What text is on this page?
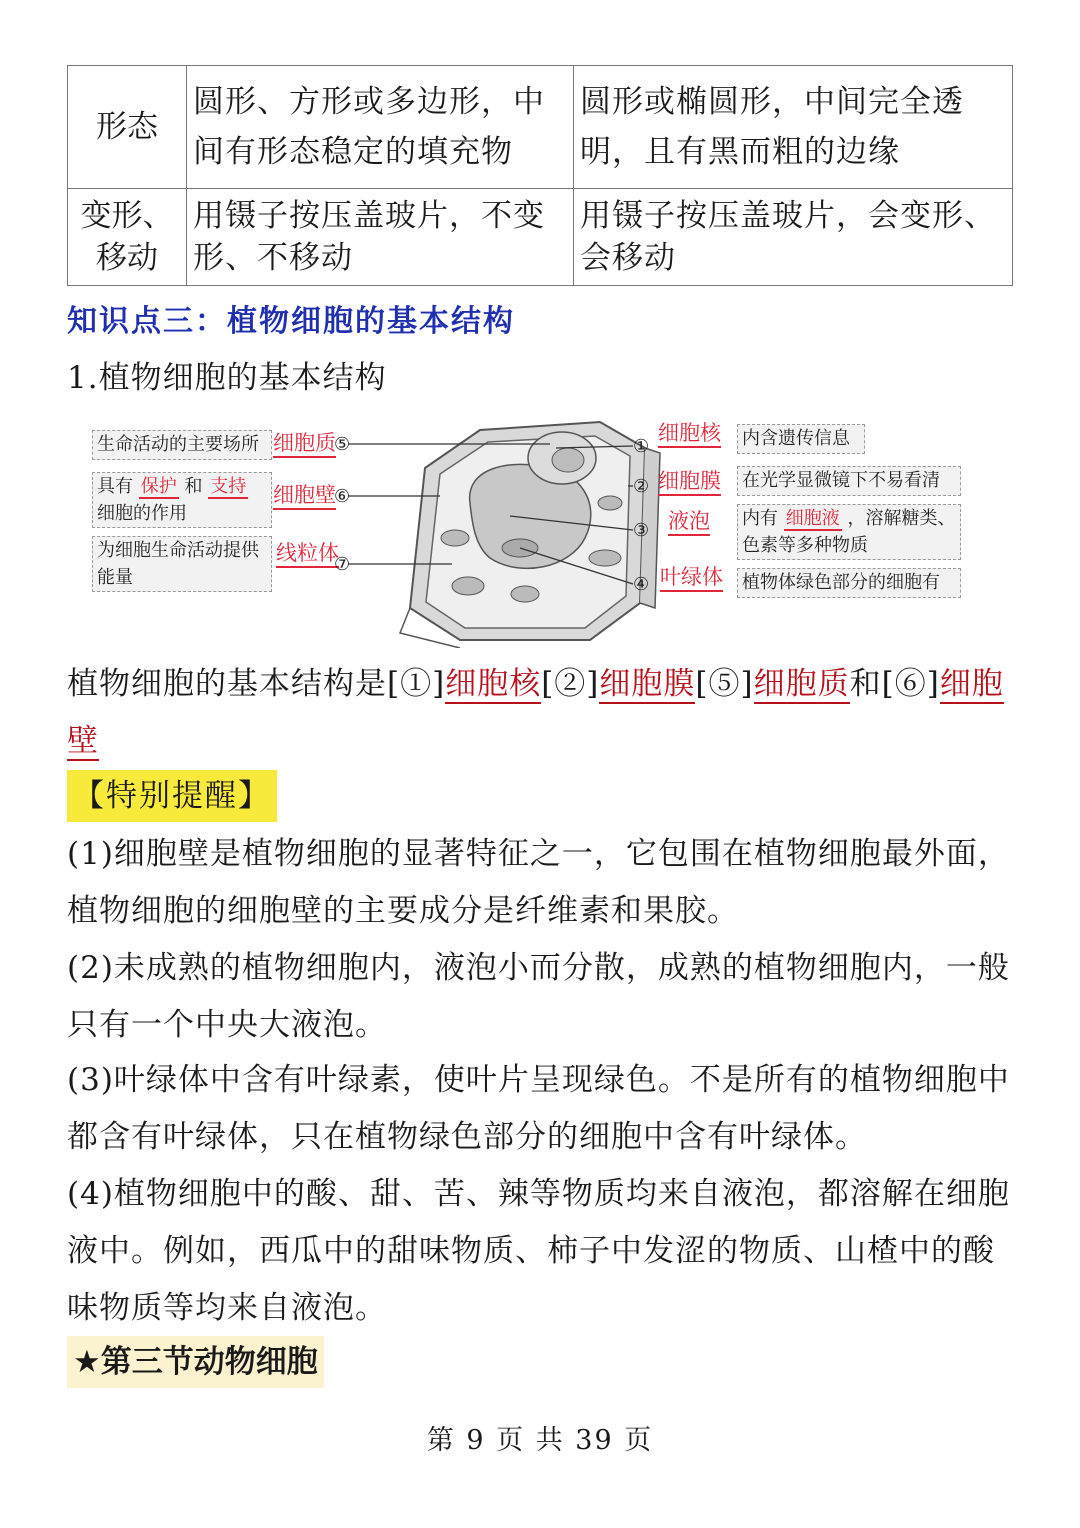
形态	圆形、方形或多边形，中间有形态稳定的填充物	圆形或椭圆形，中间完全透明，且有黑而粗的边缘
变形、移动	用镊子按压盖玻片，不变形、不移动	用镊子按压盖玻片，会变形、会移动
知识点三：植物细胞的基本结构
1.植物细胞的基本结构
生命活动的主要场所
具有 保护 和 支持
细胞的作用
为细胞生命活动提供能量
细胞质
细胞壁
线粒体
⑤
⑥
⑦
①
②
③
④
细胞核
细胞膜
液泡
叶绿体
内含遗传信息
在光学显微镜下不易看清
内有 细胞液 ，溶解糖类、色素等多种物质
植物体绿色部分的细胞有
植物细胞的基本结构是[①]细胞核[②]细胞膜[⑤]细胞质和[⑥]细胞壁
【特别提醒】
(1)细胞壁是植物细胞的显著特征之一，它包围在植物细胞最外面，植物细胞的细胞壁的主要成分是纤维素和果胶。
(2)未成熟的植物细胞内，液泡小而分散，成熟的植物细胞内，一般只有一个中央大液泡。
(3)叶绿体中含有叶绿素，使叶片呈现绿色。不是所有的植物细胞中都含有叶绿体，只在植物绿色部分的细胞中含有叶绿体。
(4)植物细胞中的酸、甜、苦、辣等物质均来自液泡，都溶解在细胞液中。例如，西瓜中的甜味物质、柿子中发涩的物质、山楂中的酸味物质等均来自液泡。
★第三节动物细胞
第 9 页 共 39 页
